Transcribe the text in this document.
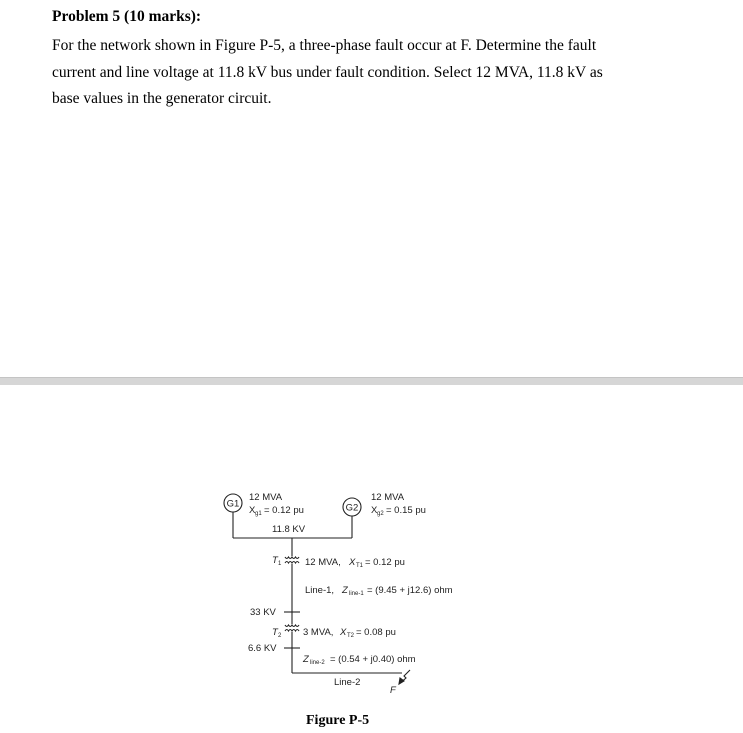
Problem 5 (10 marks):
For the network shown in Figure P-5, a three-phase fault occur at F. Determine the fault
current and line voltage at 11.8 kV bus under fault condition. Select 12 MVA, 11.8 kV as
base values in the generator circuit.
G1
12 MVA
X g1 = 0.12 pu	G2
12 MVA
X g2 = 0.15 pu
11.8 KV
T 1 12 MVA, X T1 = 0.12 pu
Line-1, Z line-1 = (9.45 + j12.6) ohm
33 KV
T 2 3 MVA, X T2 = 0.08 pu
6.6 KV
Z line-2 = (0.54 + j0.40) ohm
Line-2
F
Figure P-5
